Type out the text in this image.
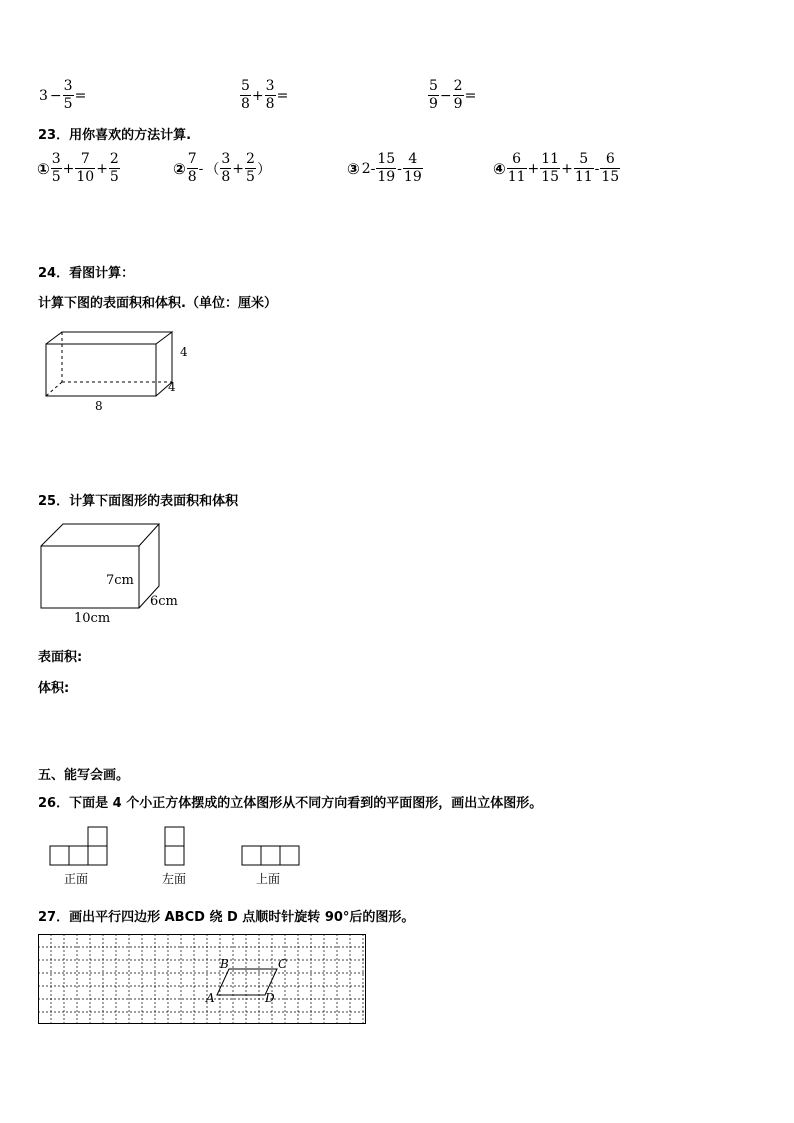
$3 - \frac{3}{5}$ =	$\frac{5}{8} + \frac{3}{8}$ =	$\frac{5}{9} - \frac{2}{9}$ =
23．用你喜欢的方法计算.
① $\frac{3}{5} + \frac{7}{10} + \frac{2}{5}$	② $\frac{7}{8}$ - （ $\frac{3}{8} + \frac{2}{5}$ ）	③ $2- \frac{15}{19} - \frac{4}{19}$	④ $\frac{6}{11} + \frac{11}{15} + \frac{5}{11} - \frac{6}{15}$
24．看图计算：
计算下图的表面积和体积.（单位：厘米）
4
4
8
25．计算下面图形的表面积和体积
7cm
6cm
10cm
表面积:
体积:
五、能写会画。
26．下面是 4 个小正方体摆成的立体图形从不同方向看到的平面图形，画出立体图形。
正面	左面	上面
27．画出平行四边形 ABCD 绕 D 点顺时针旋转 90°后的图形。
A
B	C
D
